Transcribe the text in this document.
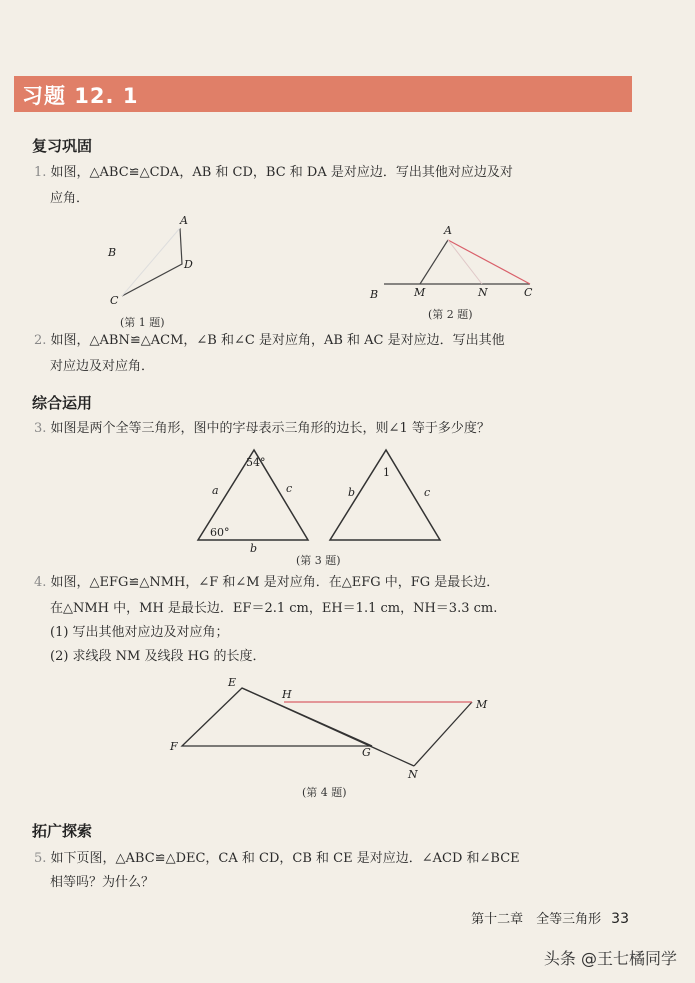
习题 12. 1
复习巩固
1. 如图，△ABC≌△CDA，AB 和 CD，BC 和 DA 是对应边．写出其他对应边及对
应角．
A
B
D
C
(第 1 题)
A
B	M	N	C
(第 2 题)
2. 如图，△ABN≌△ACM，∠B 和∠C 是对应角，AB 和 AC 是对应边．写出其他
对应边及对应角．
综合运用
3. 如图是两个全等三角形，图中的字母表示三角形的边长，则∠1 等于多少度？
54°
60°
a	c
b
1
b	c
(第 3 题)
4. 如图，△EFG≌△NMH，∠F 和∠M 是对应角．在△EFG 中，FG 是最长边．
在△NMH 中，MH 是最长边．EF＝2.1 cm，EH＝1.1 cm，NH＝3.3 cm.
(1) 写出其他对应边及对应角；
(2) 求线段 NM 及线段 HG 的长度．
E
H
M
F	G
N
(第 4 题)
拓广探索
5. 如下页图，△ABC≌△DEC，CA 和 CD，CB 和 CE 是对应边．∠ACD 和∠BCE
相等吗？为什么？
第十二章　全等三角形 33
头条 @王七橘同学
